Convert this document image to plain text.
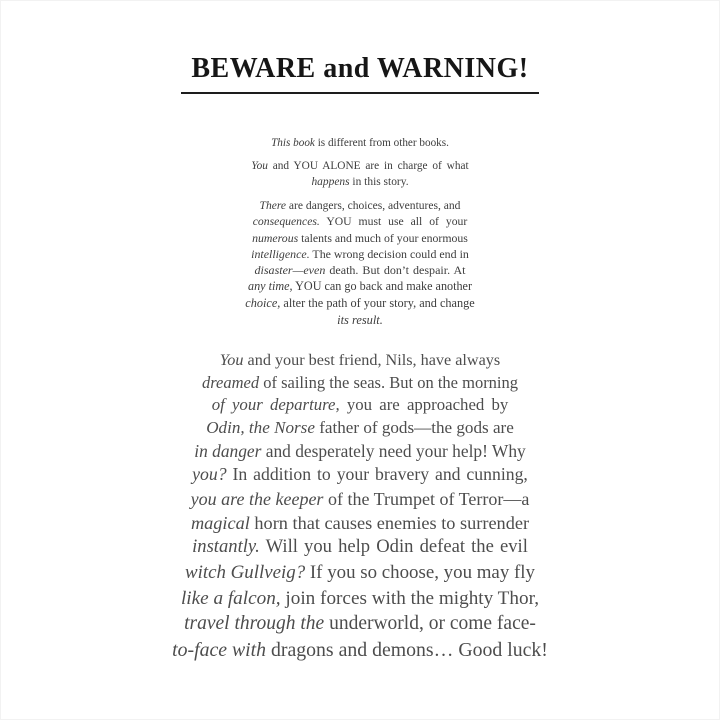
BEWARE and WARNING!
This book is different from other books.
You and YOU ALONE are in charge of what
happens in this story.
There are dangers, choices, adventures, and
consequences. YOU must use all of your
numerous talents and much of your enormous
intelligence. The wrong decision could end in
disaster—even death. But don’t despair. At
any time, YOU can go back and make another
choice, alter the path of your story, and change
its result.
You and your best friend, Nils, have always
dreamed of sailing the seas. But on the morning
of your departure, you are approached by
Odin, the Norse father of gods—the gods are
in danger and desperately need your help! Why
you? In addition to your bravery and cunning,
you are the keeper of the Trumpet of Terror—a
magical horn that causes enemies to surrender
instantly. Will you help Odin defeat the evil
witch Gullveig? If you so choose, you may fly
like a falcon, join forces with the mighty Thor,
travel through the underworld, or come face-
to-face with dragons and demons… Good luck!
